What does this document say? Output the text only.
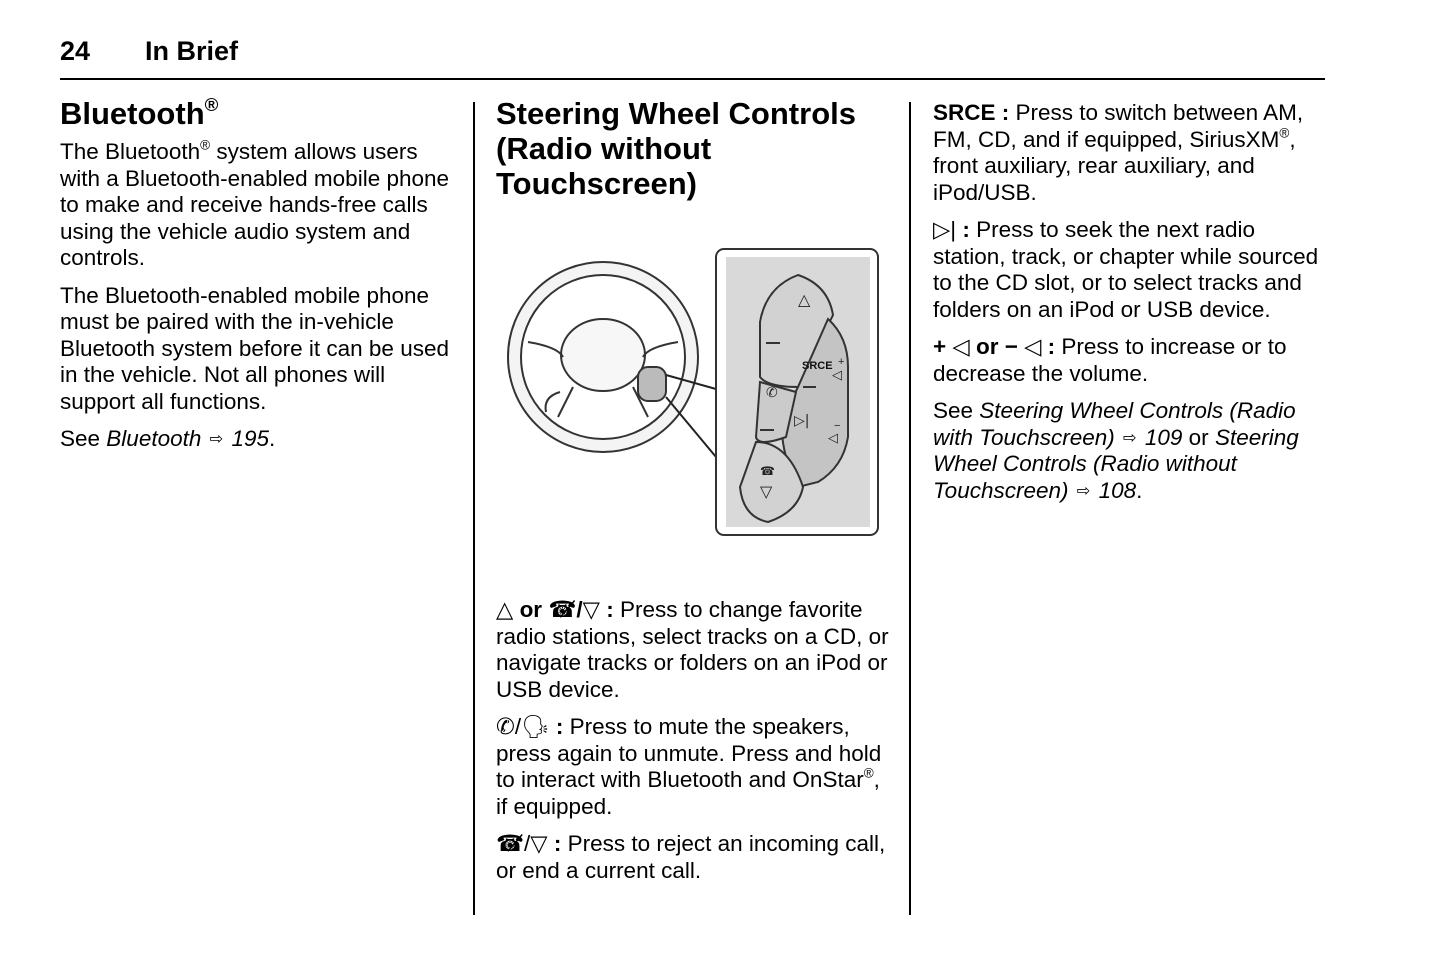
24 In Brief
Bluetooth®

The Bluetooth® system allows users with a Bluetooth-enabled mobile phone to make and receive hands-free calls using the vehicle audio system and controls.

The Bluetooth-enabled mobile phone must be paired with the in-vehicle Bluetooth system before it can be used in the vehicle. Not all phones will support all functions.

See Bluetooth ⇨ 195.

Steering Wheel Controls (Radio without Touchscreen)
△
SRCE
◁
+
◁
−
▷|
✆
▽
☎

△ or ☎̸/▽ : Press to change favorite radio stations, select tracks on a CD, or navigate tracks or folders on an iPod or USB device.

✆/🗣 : Press to mute the speakers, press again to unmute. Press and hold to interact with Bluetooth and OnStar®, if equipped.

☎̸/▽ : Press to reject an incoming call, or end a current call.

SRCE : Press to switch between AM, FM, CD, and if equipped, SiriusXM®, front auxiliary, rear auxiliary, and iPod/USB.

▷| : Press to seek the next radio station, track, or chapter while sourced to the CD slot, or to select tracks and folders on an iPod or USB device.

+ ◁ or − ◁ : Press to increase or to decrease the volume.

See Steering Wheel Controls (Radio with Touchscreen) ⇨ 109 or Steering Wheel Controls (Radio without Touchscreen) ⇨ 108.
